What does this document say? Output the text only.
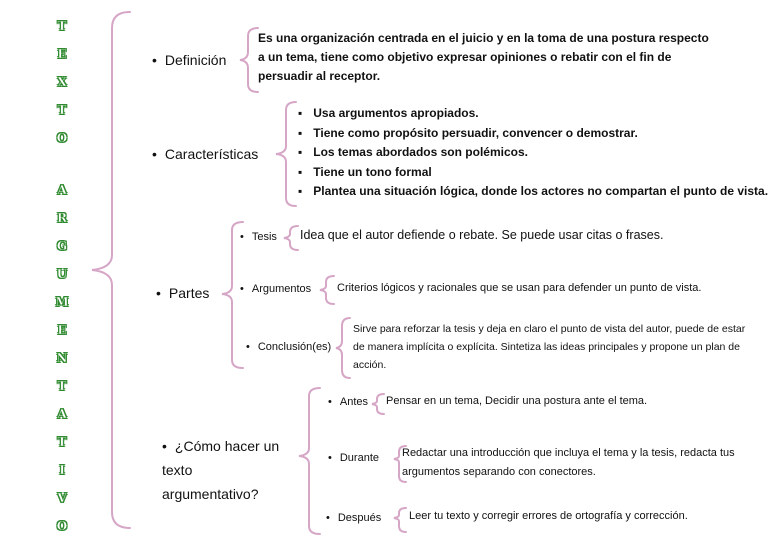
T
E
X
T
O
A
R
G
U
M
E
N
T
A
T
I
V
O
• Definición
Es una organización centrada en el juicio y en la toma de una postura respecto a un tema, tiene como objetivo expresar opiniones o rebatir con el fin de persuadir al receptor.
• Características
▪ Usa argumentos apropiados.
▪ Tiene como propósito persuadir, convencer o demostrar.
▪ Los temas abordados son polémicos.
▪ Tiene un tono formal
▪ Plantea una situación lógica, donde los actores no compartan el punto de vista.
• Partes
• Tesis Idea que el autor defiende o rebate. Se puede usar citas o frases.
• Argumentos Criterios lógicos y racionales que se usan para defender un punto de vista.
• Conclusión(es)
Sirve para reforzar la tesis y deja en claro el punto de vista del autor, puede de estar de manera implícita o explícita. Sintetiza las ideas principales y propone un plan de acción.
• ¿Cómo hacer un texto argumentativo?
• Antes Pensar en un tema, Decidir una postura ante el tema.
• Durante Redactar una introducción que incluya el tema y la tesis, redacta tus argumentos separando con conectores.
• Después	Leer tu texto y corregir errores de ortografía y corrección.
